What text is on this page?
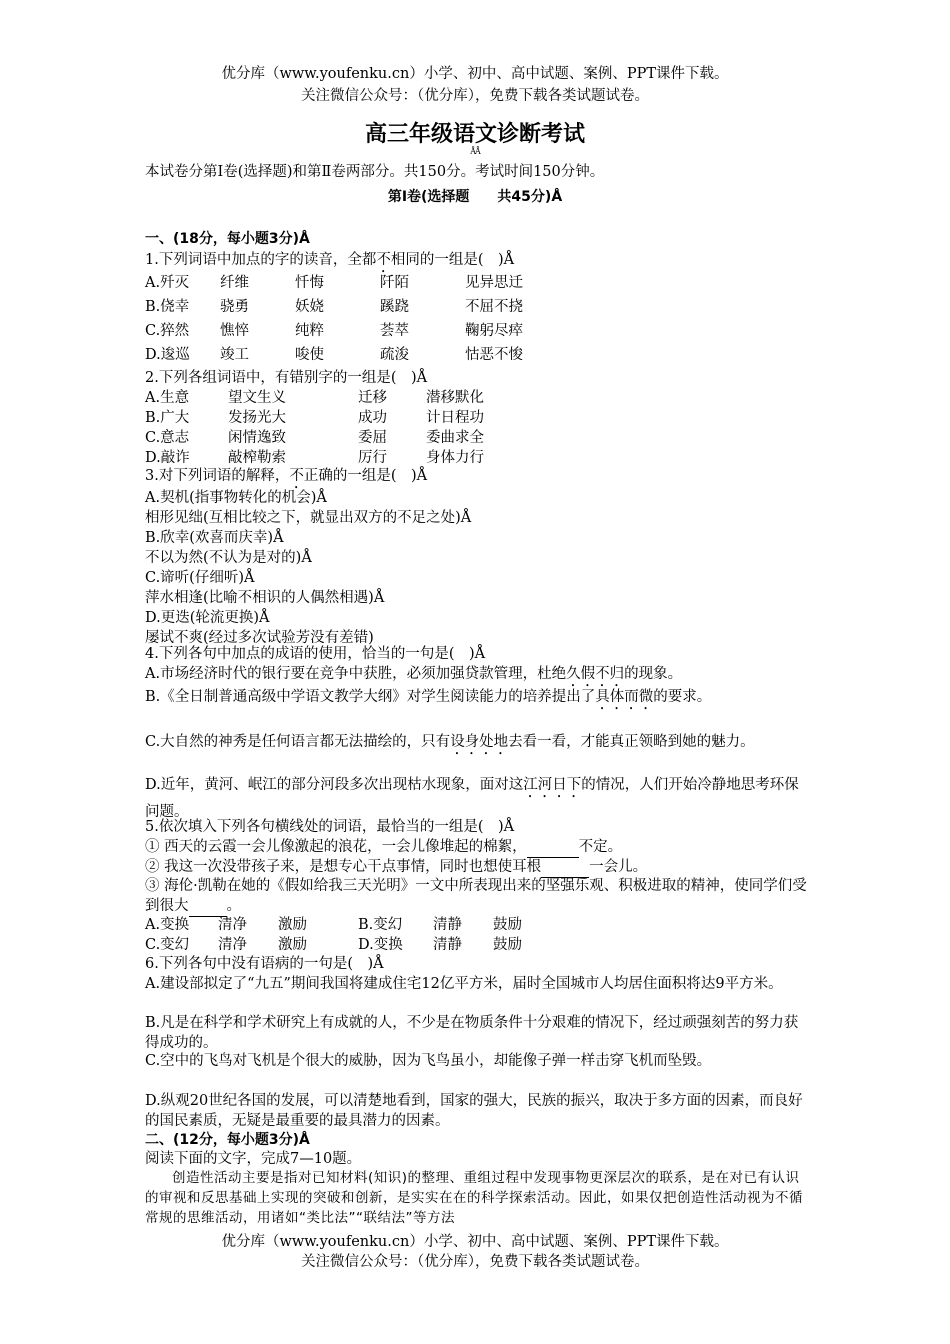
优分库（www.youfenku.cn）小学、初中、高中试题、案例、PPT课件下载。
关注微信公众号：（优分库），免费下载各类试题试卷。
高三年级语文诊断考试
ÅÅ
本试卷分第Ⅰ卷(选择题)和第Ⅱ卷两部分。共150分。考试时间150分钟。
第Ⅰ卷(选择题　　共45分)Å
一、(18分，每小题3分)Å
1.下列词语中加点的字的读音，全都不相同的一组是(　)Å
A.歼灭	纤维	忏悔	阡陌	见异思迁
B.侥幸	骁勇	妖娆	蹊跷	不屈不挠
C.猝然	憔悴	纯粹	荟萃	鞠躬尽瘁
D.逡巡	竣工	唆使	疏浚	怙恶不悛
2.下列各组词语中，有错别字的一组是(　)Å
A.生意	望文生义	迁移	潜移默化
B.广大	发扬光大	成功	计日程功
C.意志	闲情逸致	委屈	委曲求全
D.敲诈	敲榨勒索	厉行	身体力行
3.对下列词语的解释，不正确的一组是(　)Å
A.契机(指事物转化的机会)Å
相形见绌(互相比较之下，就显出双方的不足之处)Å
B.欣幸(欢喜而庆幸)Å
不以为然(不认为是对的)Å
C.谛听(仔细听)Å
萍水相逢(比喻不相识的人偶然相遇)Å
D.更迭(轮流更换)Å
屡试不爽(经过多次试验芳没有差错)
4.下列各句中加点的成语的使用，恰当的一句是(　)Å
A.市场经济时代的银行要在竞争中获胜，必须加强贷款管理，杜绝久假不归的现象。
B.《全日制普通高级中学语文教学大纲》对学生阅读能力的培养提出了具体而微的要求。
C.大自然的神秀是任何语言都无法描绘的，只有设身处地去看一看，才能真正领略到她的魅力。
D.近年，黄河、岷江的部分河段多次出现枯水现象，面对这江河日下的情况，人们开始冷静地思考环保问题。
5.依次填入下列各句横线处的词语，最恰当的一组是(　)Å
① 西天的云霞一会儿像激起的浪花，一会儿像堆起的棉絮，	不定。
② 我这一次没带孩子来，是想专心干点事情，同时也想使耳根	一会儿。
③ 海伦·凯勒在她的《假如给我三天光明》一文中所表现出来的坚强乐观、积极进取的精神，使同学们受到很大	。
A.变换	清净	激励	B.变幻	清静	鼓励
C.变幻	清净	激励	D.变换	清静	鼓励
6.下列各句中没有语病的一句是(　)Å
A.建设部拟定了“九五”期间我国将建成住宅12亿平方米，届时全国城市人均居住面积将达9平方米。
B.凡是在科学和学术研究上有成就的人，不少是在物质条件十分艰难的情况下，经过顽强刻苦的努力获得成功的。
C.空中的飞鸟对飞机是个很大的威胁，因为飞鸟虽小，却能像子弹一样击穿飞机而坠毁。
D.纵观20世纪各国的发展，可以清楚地看到，国家的强大，民族的振兴，取决于多方面的因素，而良好的国民素质，无疑是最重要的最具潜力的因素。
二、(12分，每小题3分)Å
阅读下面的文字，完成7—10题。
创造性活动主要是指对已知材料(知识)的整理、重组过程中发现事物更深层次的联系，是在对已有认识的审视和反思基础上实现的突破和创新，是实实在在的科学探索活动。因此，如果仅把创造性活动视为不循常规的思维活动，用诸如“类比法”“联结法”等方法
优分库（www.youfenku.cn）小学、初中、高中试题、案例、PPT课件下载。
关注微信公众号：（优分库），免费下载各类试题试卷。
